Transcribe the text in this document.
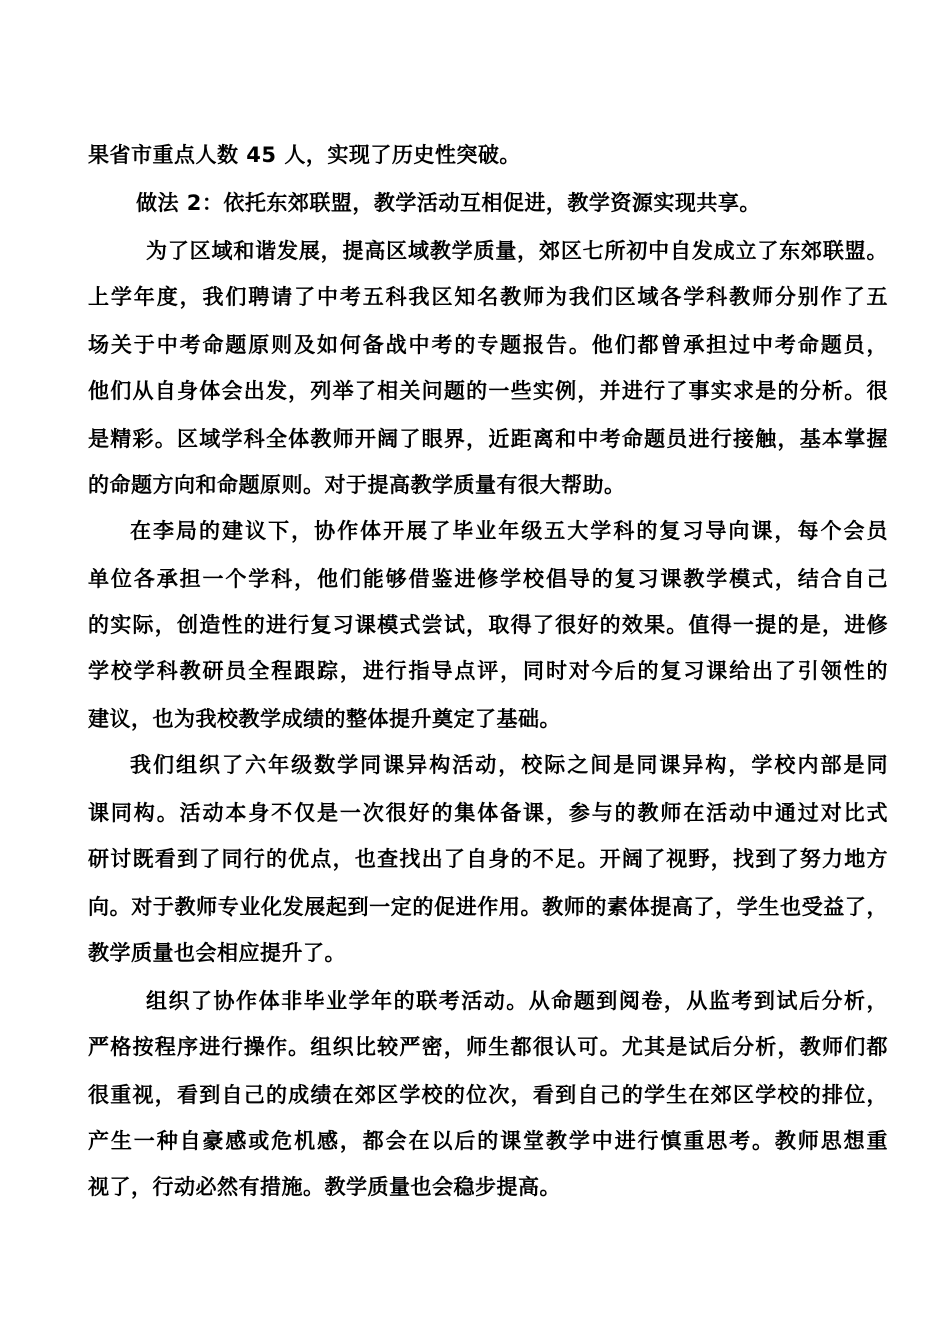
果省市重点人数 45 人，实现了历史性突破。
做法 2：依托东郊联盟，教学活动互相促进，教学资源实现共享。
为了区域和谐发展，提高区域教学质量，郊区七所初中自发成立了东郊联盟。
上学年度，我们聘请了中考五科我区知名教师为我们区域各学科教师分别作了五
场关于中考命题原则及如何备战中考的专题报告。他们都曾承担过中考命题员，
他们从自身体会出发，列举了相关问题的一些实例，并进行了事实求是的分析。很
是精彩。区域学科全体教师开阔了眼界，近距离和中考命题员进行接触，基本掌握
的命题方向和命题原则。对于提高教学质量有很大帮助。
在李局的建议下，协作体开展了毕业年级五大学科的复习导向课，每个会员
单位各承担一个学科，他们能够借鉴进修学校倡导的复习课教学模式，结合自己
的实际，创造性的进行复习课模式尝试，取得了很好的效果。值得一提的是，进修
学校学科教研员全程跟踪，进行指导点评，同时对今后的复习课给出了引领性的
建议，也为我校教学成绩的整体提升奠定了基础。
我们组织了六年级数学同课异构活动，校际之间是同课异构，学校内部是同
课同构。活动本身不仅是一次很好的集体备课，参与的教师在活动中通过对比式
研讨既看到了同行的优点，也查找出了自身的不足。开阔了视野，找到了努力地方
向。对于教师专业化发展起到一定的促进作用。教师的素体提高了，学生也受益了，
教学质量也会相应提升了。
组织了协作体非毕业学年的联考活动。从命题到阅卷，从监考到试后分析，
严格按程序进行操作。组织比较严密，师生都很认可。尤其是试后分析，教师们都
很重视，看到自己的成绩在郊区学校的位次，看到自己的学生在郊区学校的排位，
产生一种自豪感或危机感，都会在以后的课堂教学中进行慎重思考。教师思想重
视了，行动必然有措施。教学质量也会稳步提高。
